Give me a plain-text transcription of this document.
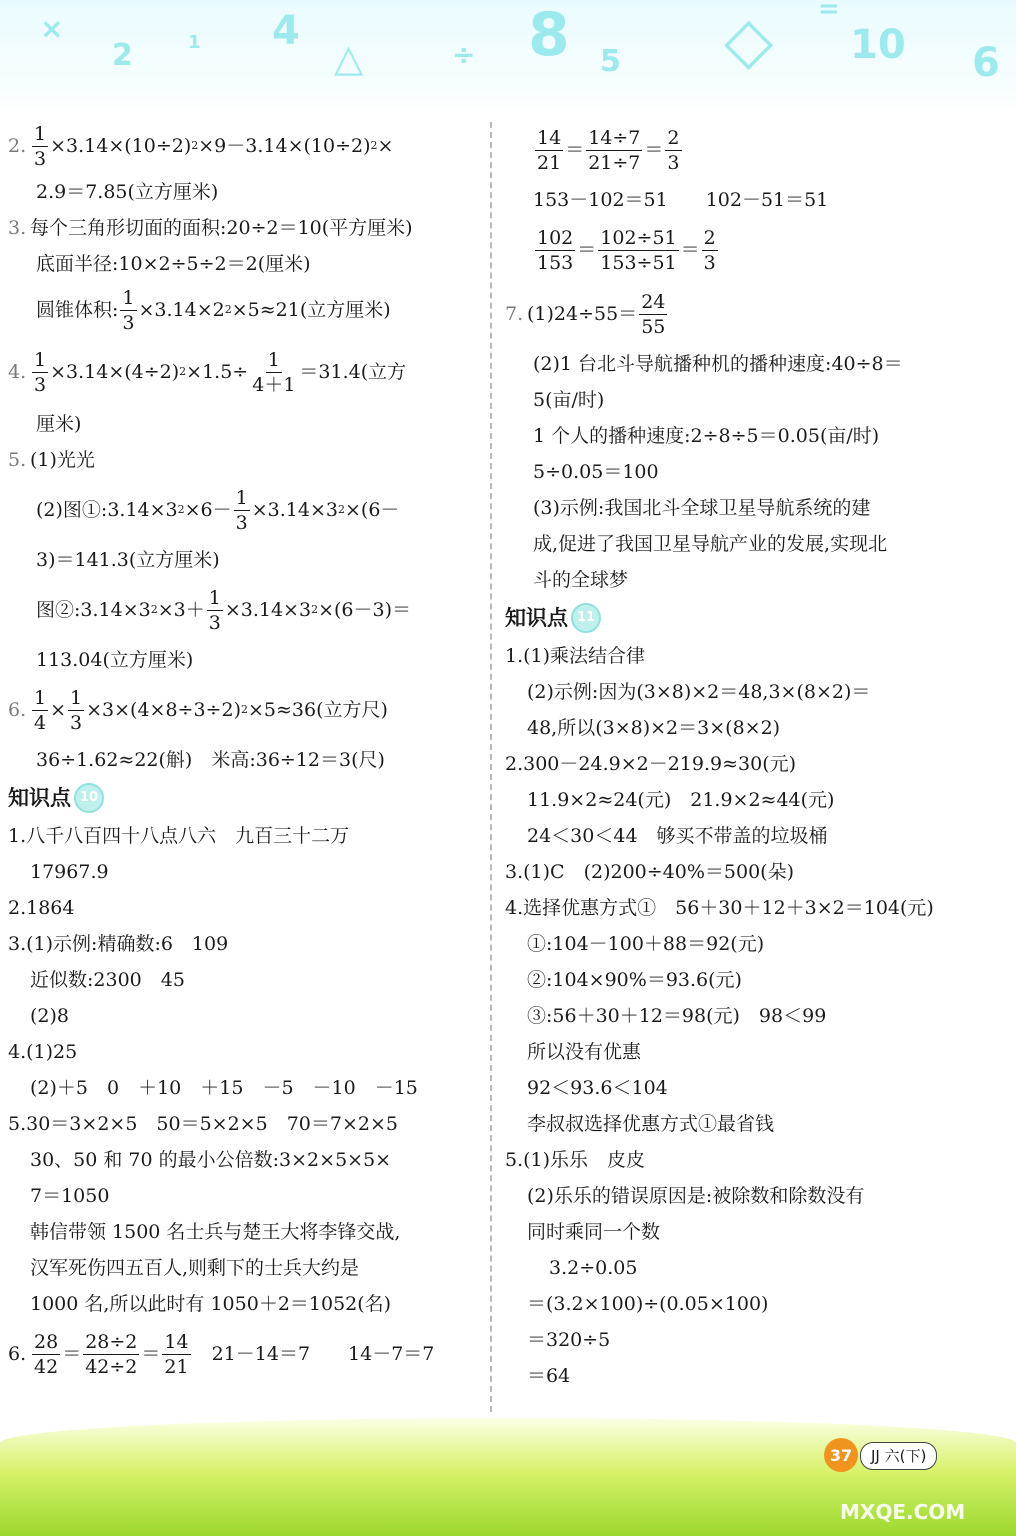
×
2	1 4
△	÷ 8 5 ◇ 10 6
=
2. $\frac{1}{3} \times 3.14\times(10\div 2)$ 2 ×9－3.14×(10÷2) 2 ×
2.9＝7.85(立方厘米)
3. 每个三角形切面的面积:20÷2＝10(平方厘米)
底面半径:10×2÷5÷2＝2(厘米)
圆锥体积: $\frac{1}{3} \times 3.14\times 2$ 2 ×5≈21(立方厘米)
4. $\frac{1}{3} \times 3.14\times(4\div 2)$ $2 \times 1.5\div \frac{1}{4+1} =31.4$(立方
厘米)
5. (1)光光
(2)图①:3.14×3 $2 \times 6- \frac{1}{3} \times 3.14\times 3$ 2 ×(6－
3)＝141.3(立方厘米)
图②:3.14×3 $2 \times 3+ \frac{1}{3} \times 3.14\times 3$ 2 ×(6－3)＝
113.04(立方厘米)
6. $\frac{1}{4} \times \frac{1}{3} \times 3\times(4\times 8\div 3\div 2)$ 2 ×5≈36(立方尺)
36÷1.62≈22(斛)　米高:36÷12＝3(尺)
知识点 10
1.八千八百四十八点八六　九百三十二万
17967.9
2.1864
3.(1)示例:精确数:6　109
近似数:2300　45
(2)8
4.(1)25
(2)＋5　0　＋10　＋15　－5　－10　－15
5.30＝3×2×5　50＝5×2×5　70＝7×2×5
30、50 和 70 的最小公倍数:3×2×5×5×
7＝1050
韩信带领 1500 名士兵与楚王大将李锋交战,
汉军死伤四五百人,则剩下的士兵大约是
1000 名,所以此时有 1050＋2＝1052(名)
6. $\frac{28}{42} = \frac{28\div 2}{42\div 2} = \frac{14}{21}$ 　21－14＝7　　14－7＝7
$\frac{14}{21} = \frac{14\div 7}{21\div 7} = \frac{2}{3}$
153－102＝51　　102－51＝51
$\frac{102}{153} = \frac{102\div 51}{153\div 51} = \frac{2}{3}$
7. $(1)24\div 55= \frac{24}{55}$
(2)1 台北斗导航播种机的播种速度:40÷8＝
5(亩/时)
1 个人的播种速度:2÷8÷5＝0.05(亩/时)
5÷0.05＝100
(3)示例:我国北斗全球卫星导航系统的建
成,促进了我国卫星导航产业的发展,实现北
斗的全球梦
知识点 11
1.(1)乘法结合律
(2)示例:因为(3×8)×2＝48,3×(8×2)＝
48,所以(3×8)×2＝3×(8×2)
2.300－24.9×2－219.9≈30(元)
11.9×2≈24(元)　21.9×2≈44(元)
24＜30＜44　够买不带盖的垃圾桶
3.(1)C　(2)200÷40%＝500(朵)
4.选择优惠方式①　56＋30＋12＋3×2＝104(元)
①:104－100＋88＝92(元)
②:104×90%＝93.6(元)
③:56＋30＋12＝98(元)　98＜99
所以没有优惠
92＜93.6＜104
李叔叔选择优惠方式①最省钱
5.(1)乐乐　皮皮
(2)乐乐的错误原因是:被除数和除数没有
同时乘同一个数
3.2÷0.05
＝(3.2×100)÷(0.05×100)
＝320÷5
＝64
37	JJ 六(下)
MXQE.COM
